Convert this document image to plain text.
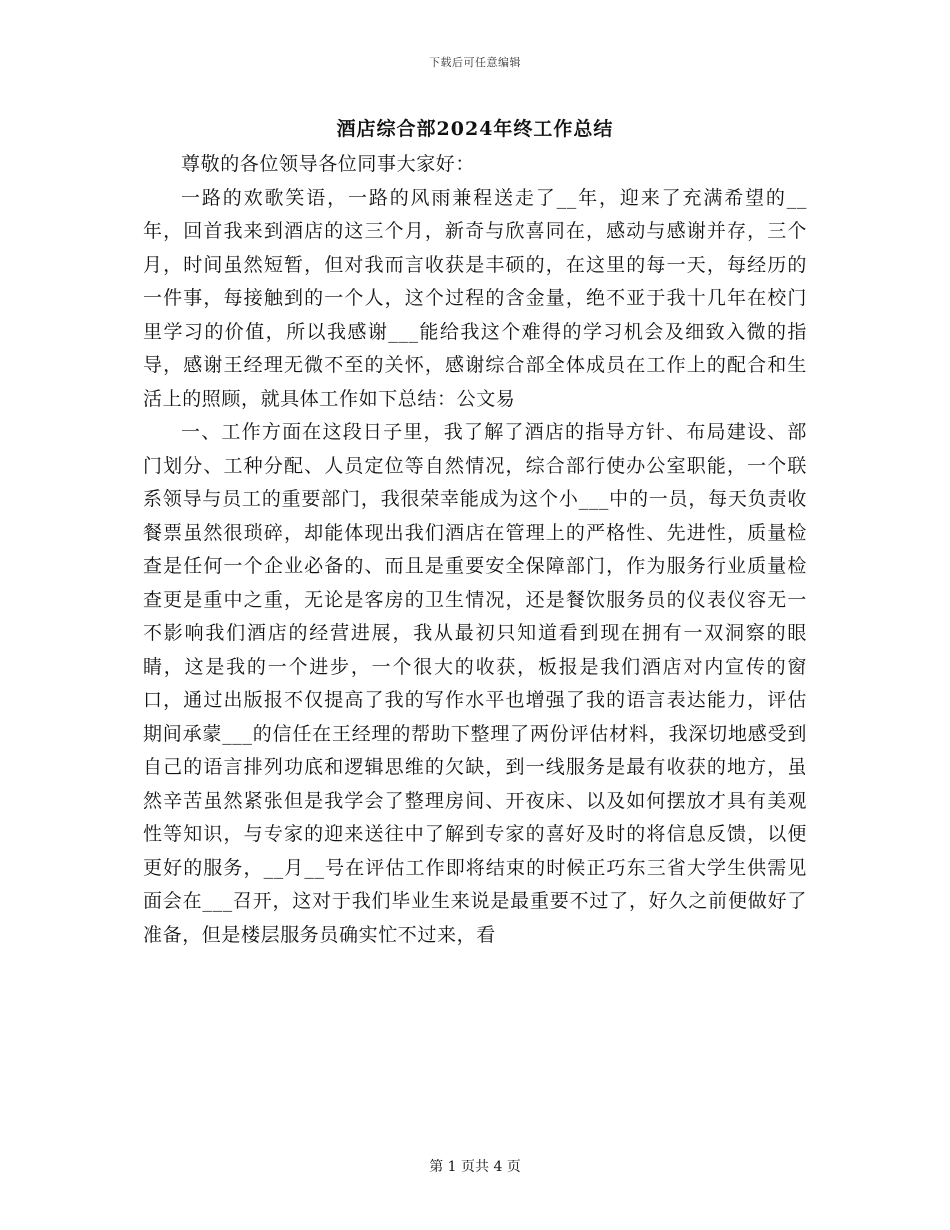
下载后可任意编辑
酒店综合部2024年终工作总结

尊敬的各位领导各位同事大家好：

一路的欢歌笑语，一路的风雨兼程送走了__年，迎来了充满希望的__年，回首我来到酒店的这三个月，新奇与欣喜同在，感动与感谢并存，三个月，时间虽然短暂，但对我而言收获是丰硕的，在这里的每一天，每经历的一件事，每接触到的一个人，这个过程的含金量，绝不亚于我十几年在校门里学习的价值，所以我感谢___能给我这个难得的学习机会及细致入微的指导，感谢王经理无微不至的关怀，感谢综合部全体成员在工作上的配合和生活上的照顾，就具体工作如下总结：公文易

一、工作方面在这段日子里，我了解了酒店的指导方针、布局建设、部门划分、工种分配、人员定位等自然情况，综合部行使办公室职能，一个联系领导与员工的重要部门，我很荣幸能成为这个小___中的一员，每天负责收餐票虽然很琐碎，却能体现出我们酒店在管理上的严格性、先进性，质量检查是任何一个企业必备的、而且是重要安全保障部门，作为服务行业质量检查更是重中之重，无论是客房的卫生情况，还是餐饮服务员的仪表仪容无一不影响我们酒店的经营进展，我从最初只知道看到现在拥有一双洞察的眼睛，这是我的一个进步，一个很大的收获，板报是我们酒店对内宣传的窗口，通过出版报不仅提高了我的写作水平也增强了我的语言表达能力，评估期间承蒙___的信任在王经理的帮助下整理了两份评估材料，我深切地感受到自己的语言排列功底和逻辑思维的欠缺，到一线服务是最有收获的地方，虽然辛苦虽然紧张但是我学会了整理房间、开夜床、以及如何摆放才具有美观性等知识，与专家的迎来送往中了解到专家的喜好及时的将信息反馈，以便更好的服务，__月__号在评估工作即将结束的时候正巧东三省大学生供需见面会在___召开，这对于我们毕业生来说是最重要不过了，好久之前便做好了准备，但是楼层服务员确实忙不过来，看

第 1 页共 4 页
